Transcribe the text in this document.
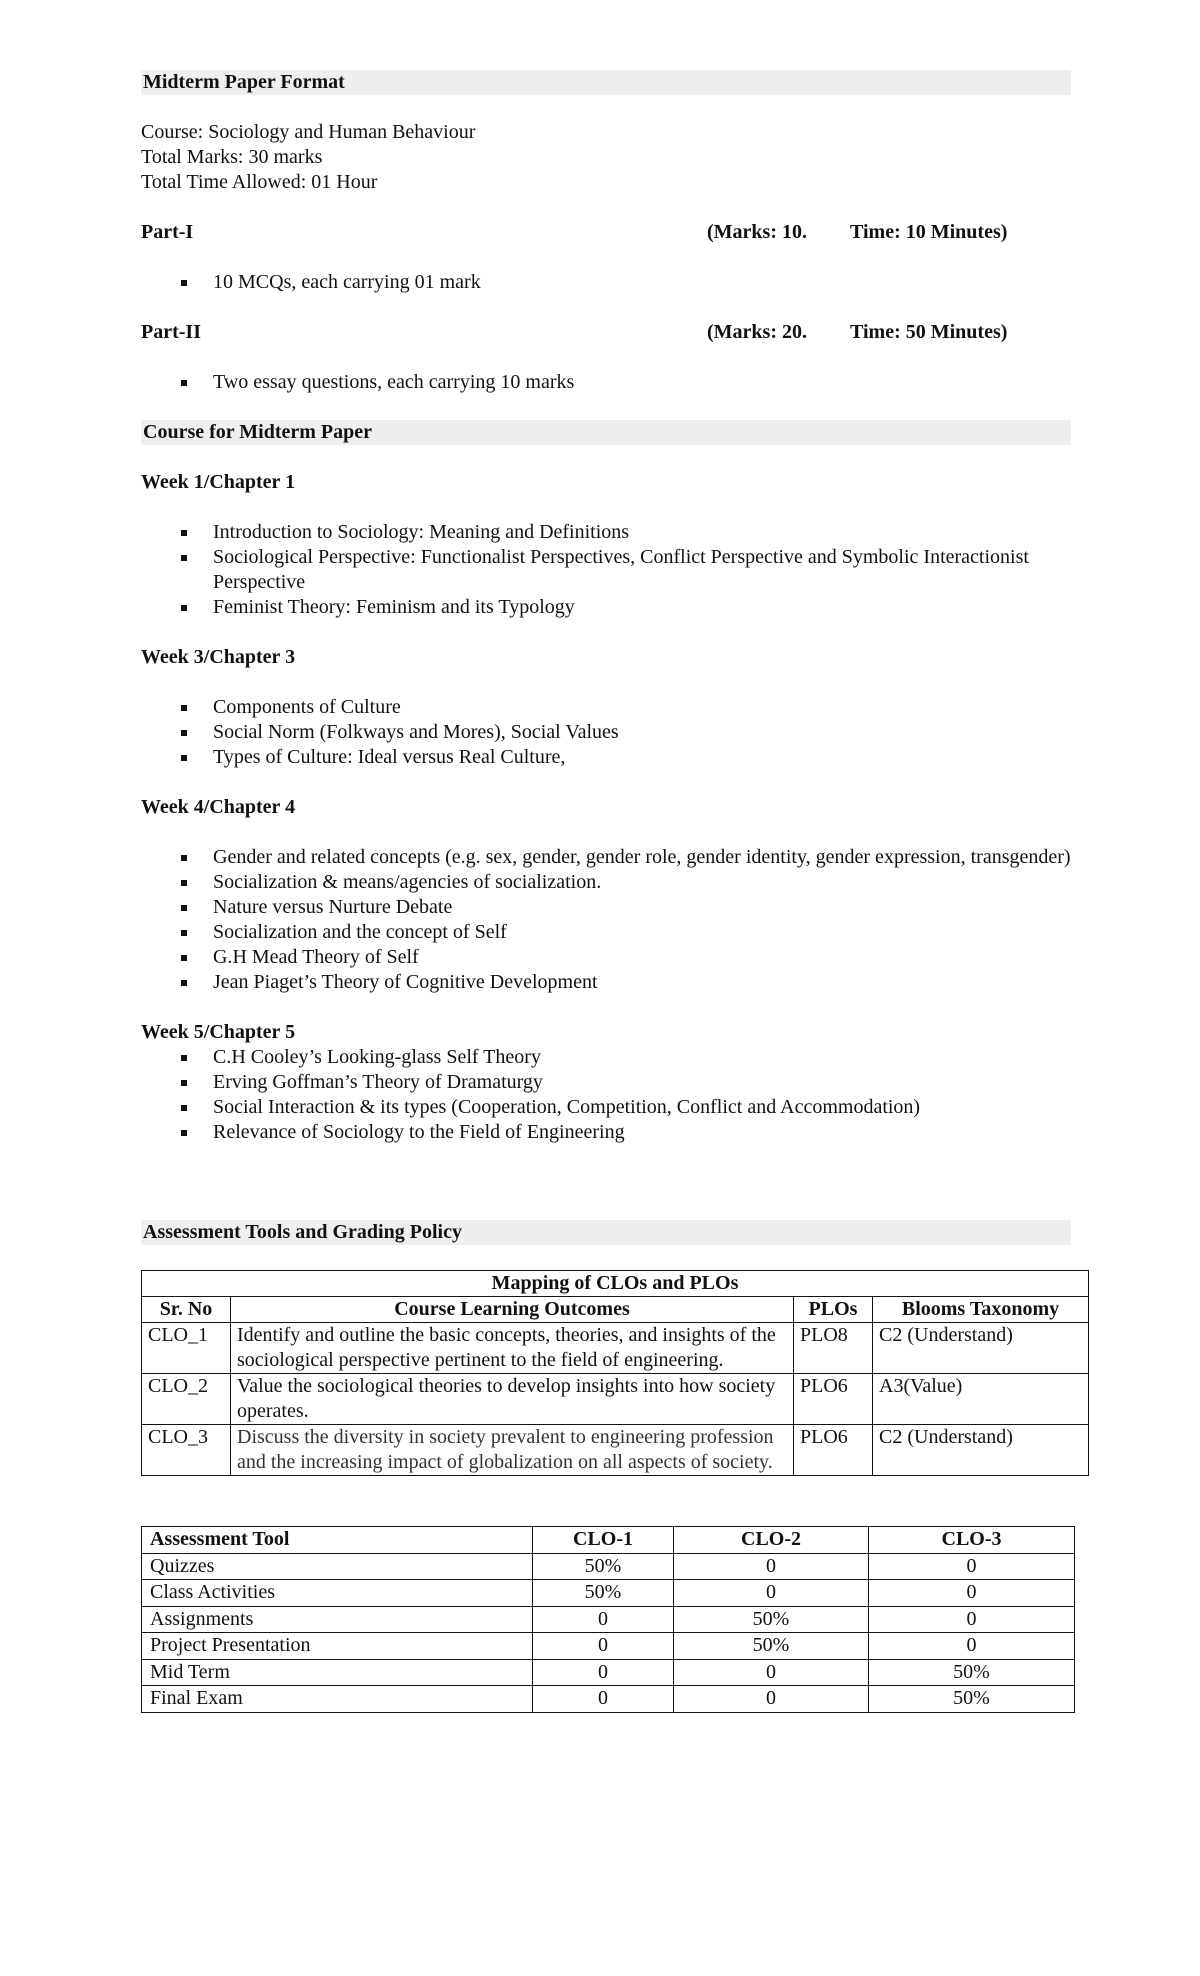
Midterm Paper Format
Course: Sociology and Human Behaviour
Total Marks: 30 marks
Total Time Allowed: 01 Hour
Part-I	(Marks: 10. Time: 10 Minutes)
10 MCQs, each carrying 01 mark
Part-II	(Marks: 20. Time: 50 Minutes)
Two essay questions, each carrying 10 marks
Course for Midterm Paper
Week 1/Chapter 1
Introduction to Sociology: Meaning and Definitions
Sociological Perspective: Functionalist Perspectives, Conflict Perspective and Symbolic Interactionist Perspective
Feminist Theory: Feminism and its Typology
Week 3/Chapter 3
Components of Culture
Social Norm (Folkways and Mores), Social Values
Types of Culture: Ideal versus Real Culture,
Week 4/Chapter 4
Gender and related concepts (e.g. sex, gender, gender role, gender identity, gender expression, transgender)
Socialization & means/agencies of socialization.
Nature versus Nurture Debate
Socialization and the concept of Self
G.H Mead Theory of Self
Jean Piaget’s Theory of Cognitive Development
Week 5/Chapter 5
C.H Cooley’s Looking-glass Self Theory
Erving Goffman’s Theory of Dramaturgy
Social Interaction & its types (Cooperation, Competition, Conflict and Accommodation)
Relevance of Sociology to the Field of Engineering
Assessment Tools and Grading Policy
Mapping of CLOs and PLOs			
Sr. No	Course Learning Outcomes	PLOs	Blooms Taxonomy
CLO_1	Identify and outline the basic concepts, theories, and insights of the sociological perspective pertinent to the field of engineering.	PLO8	C2 (Understand)
CLO_2	Value the sociological theories to develop insights into how society operates.	PLO6	A3(Value)
CLO_3	Discuss the diversity in society prevalent to engineering profession and the increasing impact of globalization on all aspects of society.	PLO6	C2 (Understand)
Assessment Tool	CLO-1	CLO-2	CLO-3
Quizzes	50%	0	0
Class Activities	50%	0	0
Assignments	0	50%	0
Project Presentation	0	50%	0
Mid Term	0	0	50%
Final Exam	0	0	50%
